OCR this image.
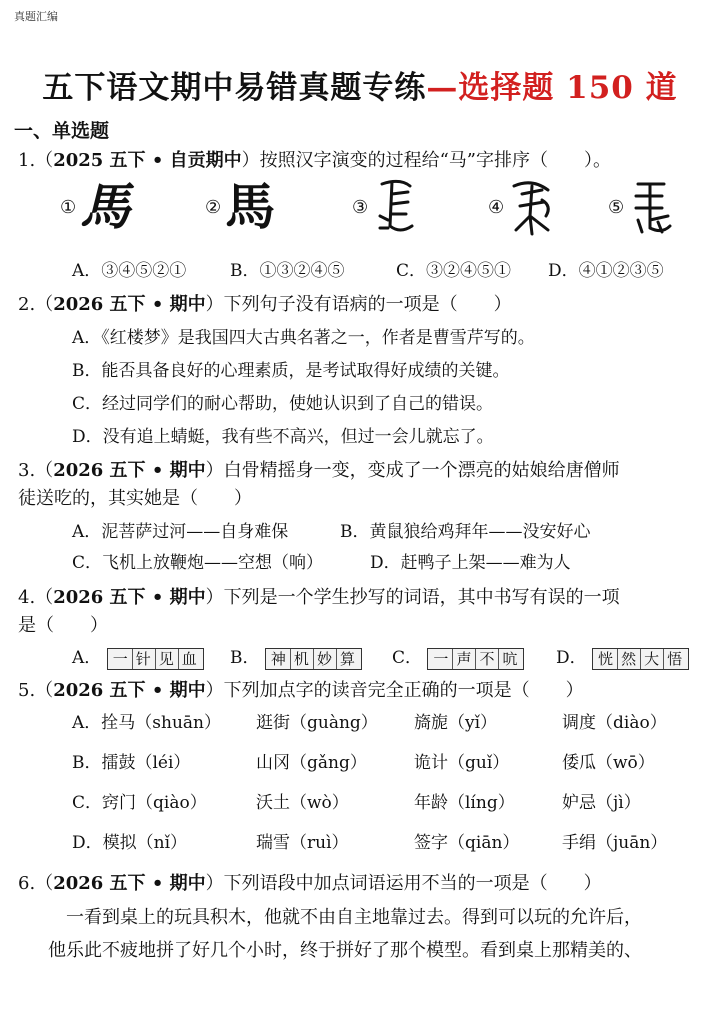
真题汇编
五下语文期中易错真题专练—选择题 150 道
一、单选题
1.（2025 五下 • 自贡期中）按照汉字演变的过程给“马”字排序（　　）。
① 馬	② 馬	③	④	⑤
A．③④⑤②①	B．①③②④⑤	C．③②④⑤① D．④①②③⑤
2.（2026 五下 • 期中）下列句子没有语病的一项是（　　）
A．《红楼梦》是我国四大古典名著之一，作者是曹雪芹写的。
B．能否具备良好的心理素质，是考试取得好成绩的关键。
C．经过同学们的耐心帮助，使她认识到了自己的错误。
D．没有追上蜻蜓，我有些不高兴，但过一会儿就忘了。
3.（2026 五下 • 期中）白骨精摇身一变，变成了一个漂亮的姑娘给唐僧师
徒送吃的，其实她是（　　）
A．泥菩萨过河——自身难保	B．黄鼠狼给鸡拜年——没安好心
C．飞机上放鞭炮——空想（响）	D．赶鸭子上架——难为人
4.（2026 五下 • 期中）下列是一个学生抄写的词语，其中书写有误的一项
是（　　）
A． 一 针 见 血	B． 神 机 妙 算	C． 一 声 不 吭	D． 恍 然 大 悟
5.（2026 五下 • 期中）下列加点字的读音完全正确的一项是（　　）
A．拴马（shuān） 逛街（guàng） 旖旎（yǐ）	调度（diào）
B．擂鼓（léi）	山冈（gǎng）	诡计（guǐ）	倭瓜（wō）
C．窍门（qiào）	沃土（wò）	年龄（líng）	妒忌（jì）
D．模拟（nǐ）	瑞雪（ruì）	签字（qiān）	手绢（juān）
6.（2026 五下 • 期中）下列语段中加点词语运用不当的一项是（　　）
一看到桌上的玩具积木，他就不由自主地靠过去。得到可以玩的允许后，
他乐此不疲地拼了好几个小时，终于拼好了那个模型。看到桌上那精美的、
